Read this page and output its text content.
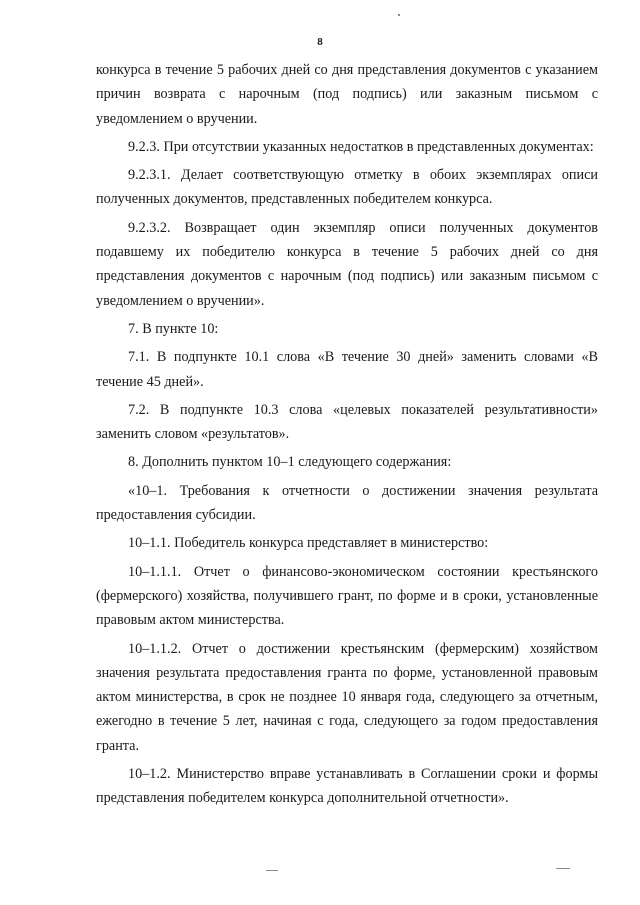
8

конкурса в течение 5 рабочих дней со дня представления документов с указанием причин возврата с нарочным (под подпись) или заказным письмом с уведомлением о вручении.

9.2.3. При отсутствии указанных недостатков в представленных документах:

9.2.3.1. Делает соответствующую отметку в обоих экземплярах описи полученных документов, представленных победителем конкурса.

9.2.3.2. Возвращает один экземпляр описи полученных документов подавшему их победителю конкурса в течение 5 рабочих дней со дня представления документов с нарочным (под подпись) или заказным письмом с уведомлением о вручении».

7. В пункте 10:

7.1. В подпункте 10.1 слова «В течение 30 дней» заменить словами «В течение 45 дней».

7.2. В подпункте 10.3 слова «целевых показателей результативности» заменить словом «результатов».

8. Дополнить пунктом 10–1 следующего содержания:

«10–1. Требования к отчетности о достижении значения результата предоставления субсидии.

10–1.1. Победитель конкурса представляет в министерство:

10–1.1.1. Отчет о финансово-экономическом состоянии крестьянского (фермерского) хозяйства, получившего грант, по форме и в сроки, установленные правовым актом министерства.

10–1.1.2. Отчет о достижении крестьянским (фермерским) хозяйством значения результата предоставления гранта по форме, установленной правовым актом министерства, в срок не позднее 10 января года, следующего за отчетным, ежегодно в течение 5 лет, начиная с года, следующего за годом предоставления гранта.

10–1.2. Министерство вправе устанавливать в Соглашении сроки и формы представления победителем конкурса дополнительной отчетности».
